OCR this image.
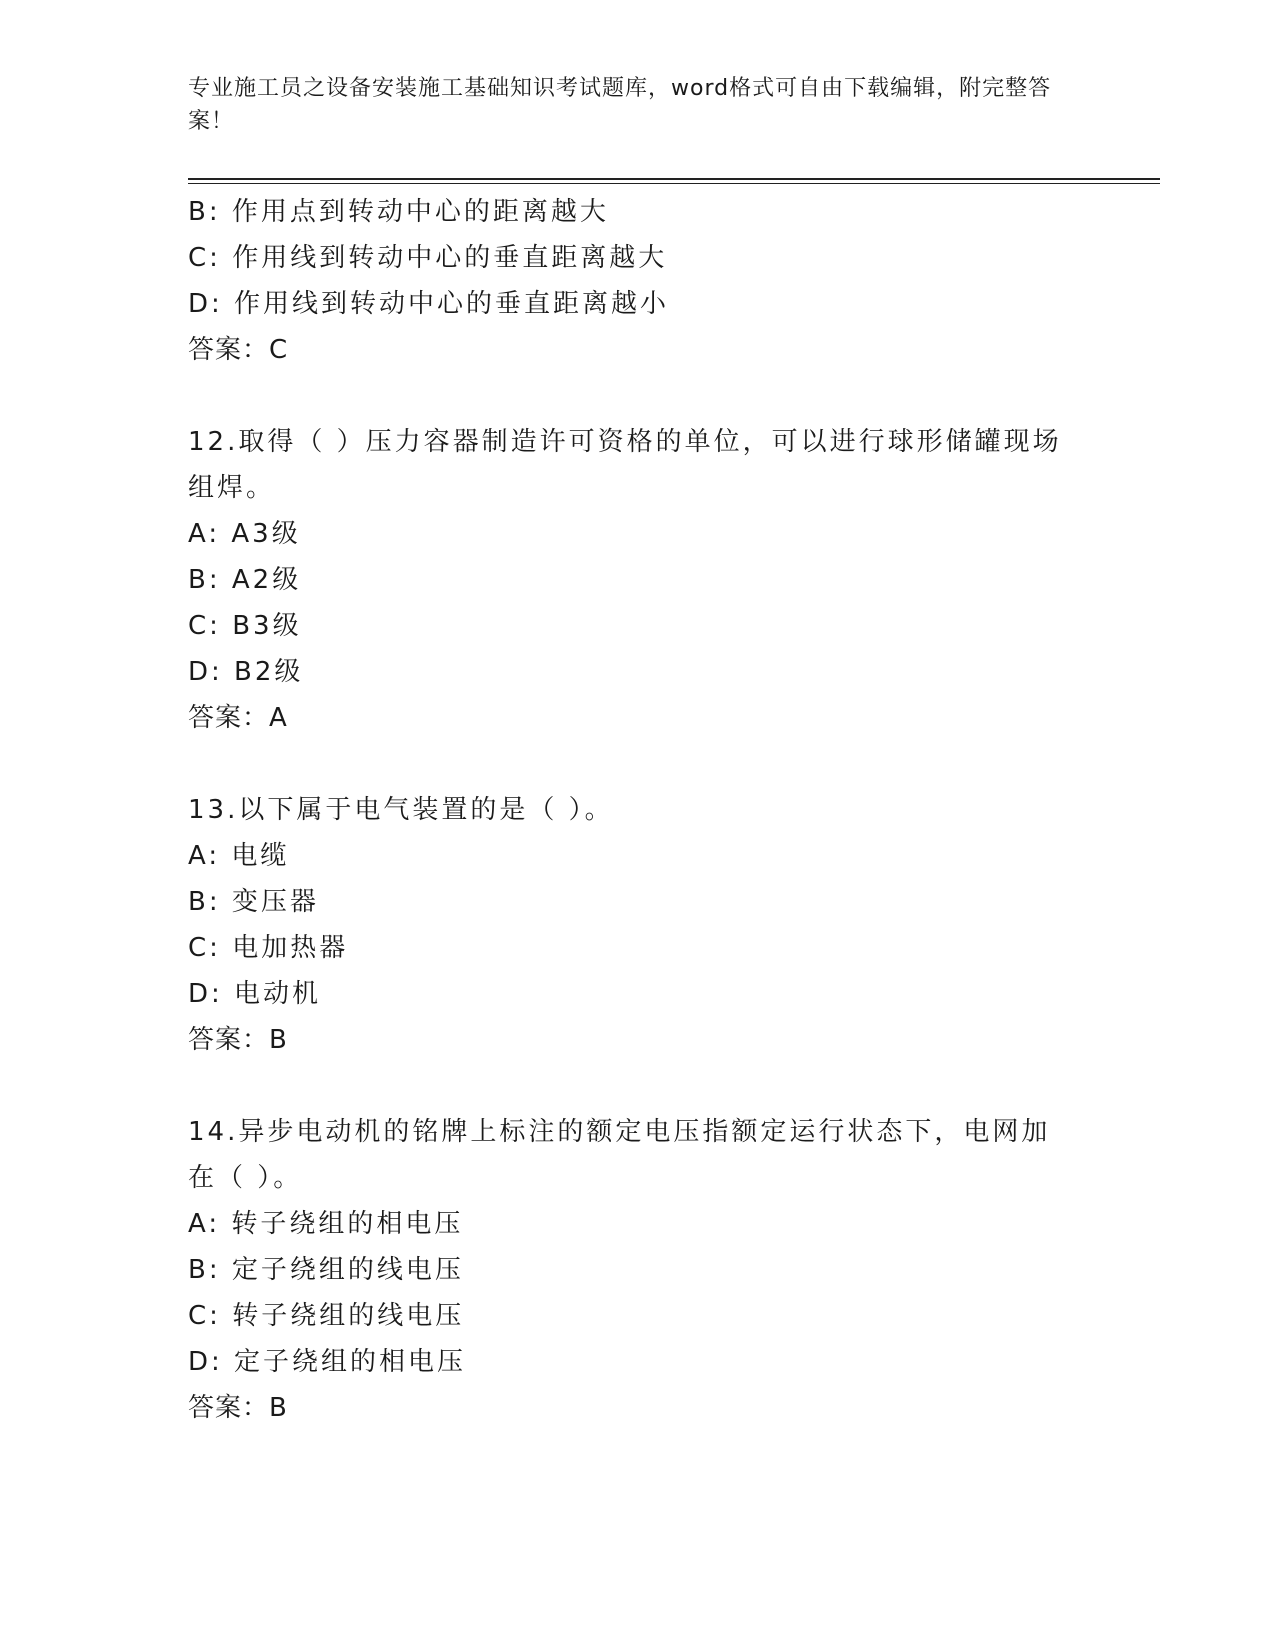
专业施工员之设备安装施工基础知识考试题库，word格式可自由下载编辑，附完整答案！
B: 作用点到转动中心的距离越大
C: 作用线到转动中心的垂直距离越大
D: 作用线到转动中心的垂直距离越小
答案：C
12.取得（ ）压力容器制造许可资格的单位，可以进行球形储罐现场组焊。
A: A3级
B: A2级
C: B3级
D: B2级
答案：A
13.以下属于电气装置的是（ ）。
A: 电缆
B: 变压器
C: 电加热器
D: 电动机
答案：B
14.异步电动机的铭牌上标注的额定电压指额定运行状态下，电网加在（ ）。
A: 转子绕组的相电压
B: 定子绕组的线电压
C: 转子绕组的线电压
D: 定子绕组的相电压
答案：B
